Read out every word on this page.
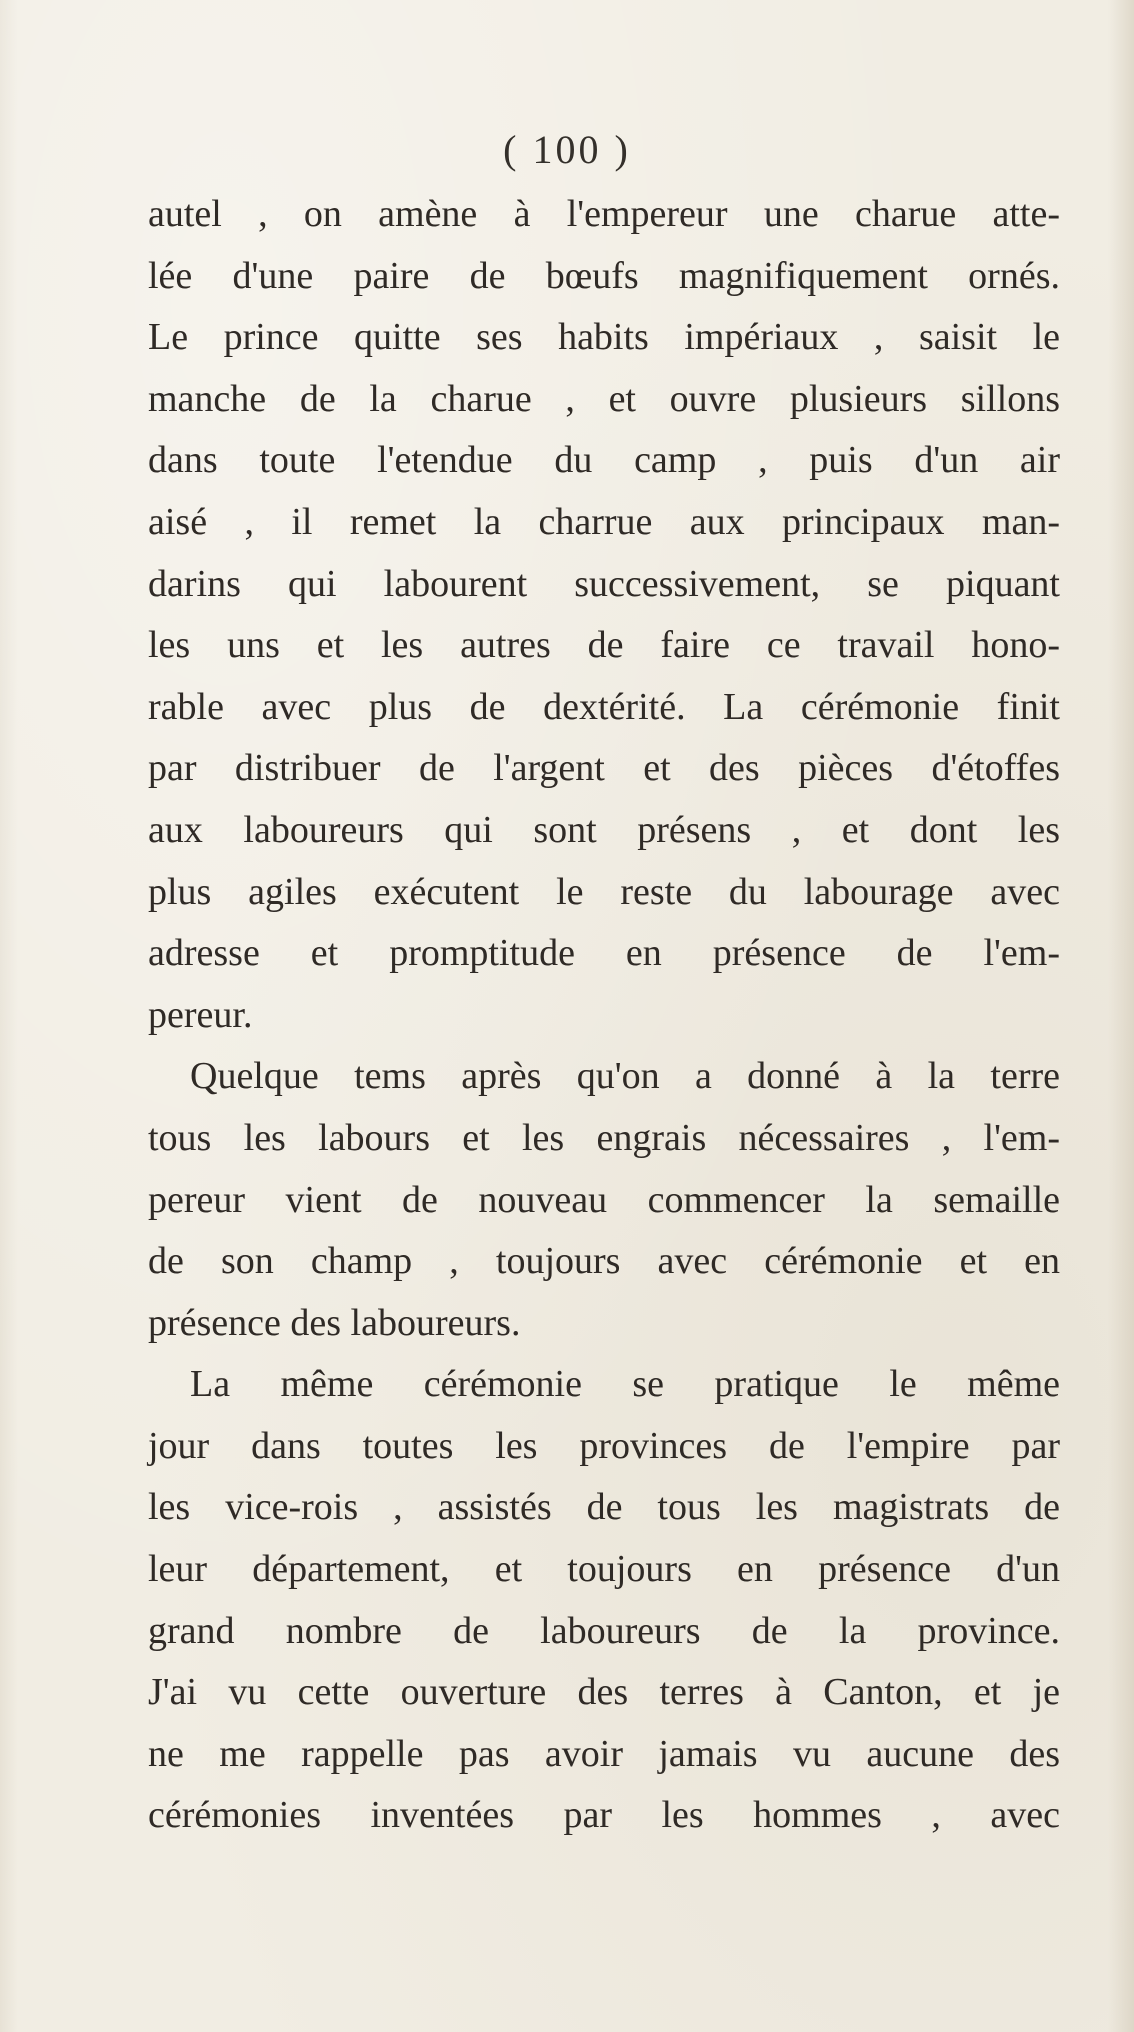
( 100 )
autel , on amène à l'empereur une charue atte-
lée d'une paire de bœufs magnifiquement ornés.
Le prince quitte ses habits impériaux , saisit le
manche de la charue , et ouvre plusieurs sillons
dans toute l'etendue du camp , puis d'un air
aisé , il remet la charrue aux principaux man-
darins qui labourent successivement, se piquant
les uns et les autres de faire ce travail hono-
rable avec plus de dextérité. La cérémonie finit
par distribuer de l'argent et des pièces d'étoffes
aux laboureurs qui sont présens , et dont les
plus agiles exécutent le reste du labourage avec
adresse et promptitude en présence de l'em-
pereur.
Quelque tems après qu'on a donné à la terre
tous les labours et les engrais nécessaires , l'em-
pereur vient de nouveau commencer la semaille
de son champ , toujours avec cérémonie et en
présence des laboureurs.
La même cérémonie se pratique le même
jour dans toutes les provinces de l'empire par
les vice-rois , assistés de tous les magistrats de
leur département, et toujours en présence d'un
grand nombre de laboureurs de la province.
J'ai vu cette ouverture des terres à Canton, et je
ne me rappelle pas avoir jamais vu aucune des
cérémonies inventées par les hommes , avec
